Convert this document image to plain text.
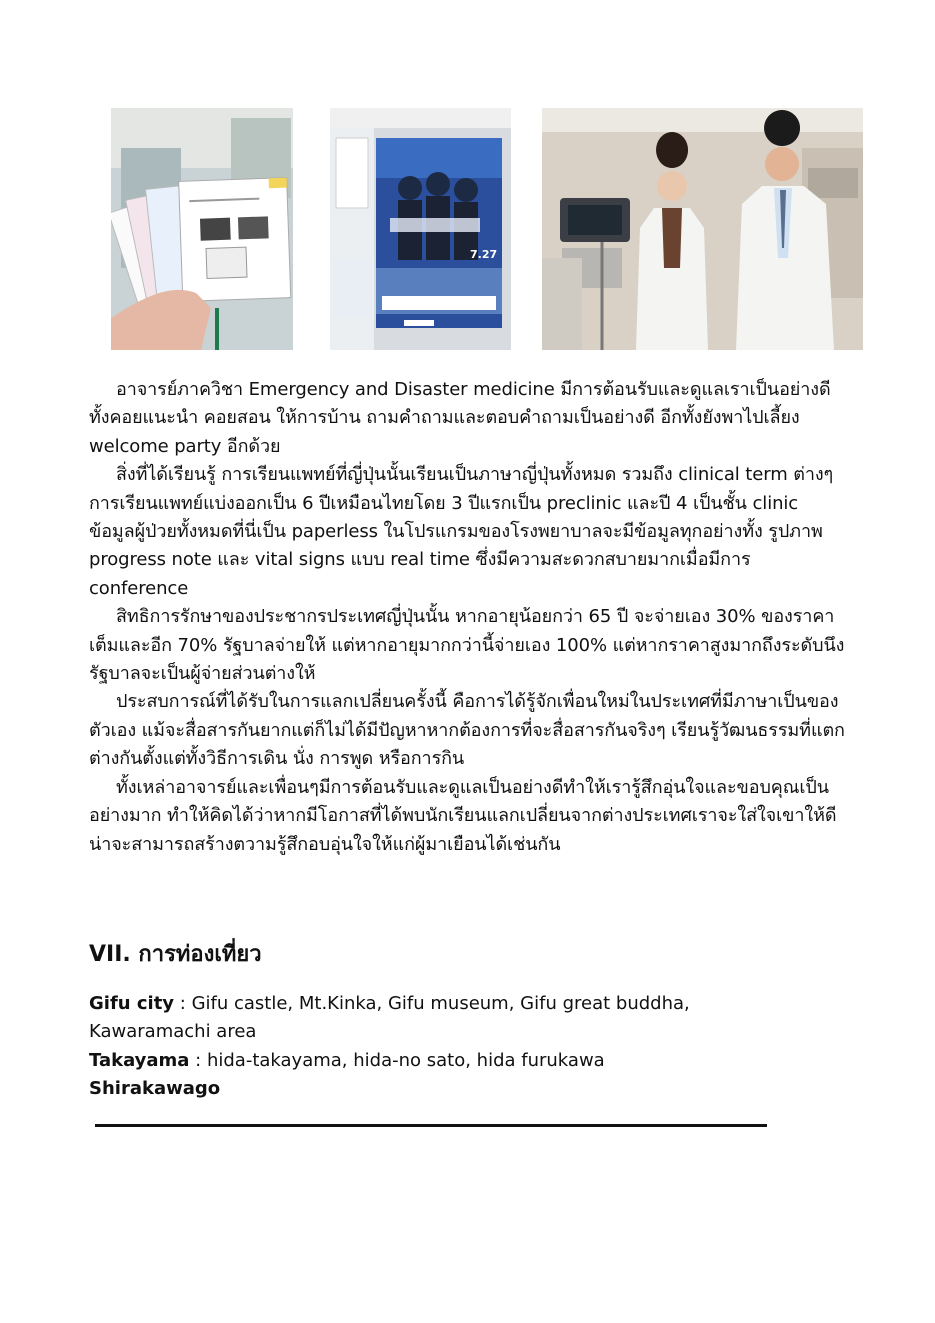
7.27

อาจารย์ภาควิชา Emergency and Disaster medicine มีการต้อนรับและดูแลเราเป็นอย่างดี ทั้งคอยแนะนำ คอยสอน ให้การบ้าน ถามคำถามและตอบคำถามเป็นอย่างดี อีกทั้งยังพาไปเลี้ยง welcome party อีกด้วย

สิ่งที่ได้เรียนรู้ การเรียนแพทย์ที่ญี่ปุ่นนั้นเรียนเป็นภาษาญี่ปุ่นทั้งหมด รวมถึง clinical term ต่างๆ การเรียนแพทย์แบ่งออกเป็น 6 ปีเหมือนไทยโดย 3 ปีแรกเป็น preclinic และปี 4 เป็นชั้น clinic ข้อมูลผู้ป่วยทั้งหมดที่นี่เป็น paperless ในโปรแกรมของโรงพยาบาลจะมีข้อมูลทุกอย่างทั้ง รูปภาพ progress note และ vital signs แบบ real time ซึ่งมีความสะดวกสบายมากเมื่อมีการ conference

สิทธิการรักษาของประชากรประเทศญี่ปุ่นนั้น หากอายุน้อยกว่า 65 ปี จะจ่ายเอง 30% ของราคาเต็มและอีก 70% รัฐบาลจ่ายให้ แต่หากอายุมากกว่านี้จ่ายเอง 100% แต่หากราคาสูงมากถึงระดับนึง รัฐบาลจะเป็นผู้จ่ายส่วนต่างให้

ประสบการณ์ที่ได้รับในการแลกเปลี่ยนครั้งนี้ คือการได้รู้จักเพื่อนใหม่ในประเทศที่มีภาษาเป็นของตัวเอง แม้จะสื่อสารกันยากแต่ก็ไม่ได้มีปัญหาหากต้องการที่จะสื่อสารกันจริงๆ เรียนรู้วัฒนธรรมที่แตกต่างกันตั้งแต่ทั้งวิธีการเดิน นั่ง การพูด หรือการกิน

ทั้งเหล่าอาจารย์และเพื่อนๆมีการต้อนรับและดูแลเป็นอย่างดีทำให้เรารู้สึกอุ่นใจและขอบคุณเป็นอย่างมาก ทำให้คิดได้ว่าหากมีโอกาสที่ได้พบนักเรียนแลกเปลี่ยนจากต่างประเทศเราจะใส่ใจเขาให้ดี น่าจะสามารถสร้างตวามรู้สึกอบอุ่นใจให้แก่ผู้มาเยือนได้เช่นกัน

VII. การท่องเที่ยว

Gifu city : Gifu castle, Mt.Kinka, Gifu museum, Gifu great buddha, Kawaramachi area

Takayama : hida-takayama, hida-no sato, hida furukawa

Shirakawago
